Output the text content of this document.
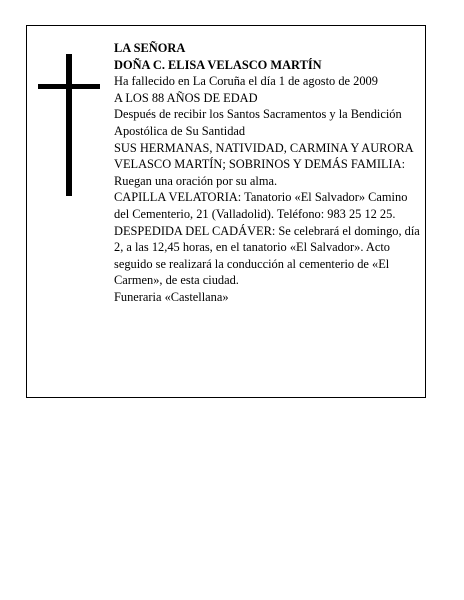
LA SEÑORA

DOÑA C. ELISA VELASCO MARTÍN

Ha fallecido en La Coruña el día 1 de agosto de 2009

A LOS 88 AÑOS DE EDAD

Después de recibir los Santos Sacramentos y la Bendición Apostólica de Su Santidad

SUS HERMANAS, NATIVIDAD, CARMINA Y AURORA VELASCO MARTÍN; SOBRINOS Y DEMÁS FAMILIA:

Ruegan una oración por su alma.

CAPILLA VELATORIA: Tanatorio «El Salvador» Camino del Cementerio, 21 (Valladolid). Teléfono: 983 25 12 25.

DESPEDIDA DEL CADÁVER: Se celebrará el domingo, día 2, a las 12,45 horas, en el tanatorio «El Salvador». Acto seguido se realizará la conducción al cementerio de «El Carmen», de esta ciudad.

Funeraria «Castellana»
